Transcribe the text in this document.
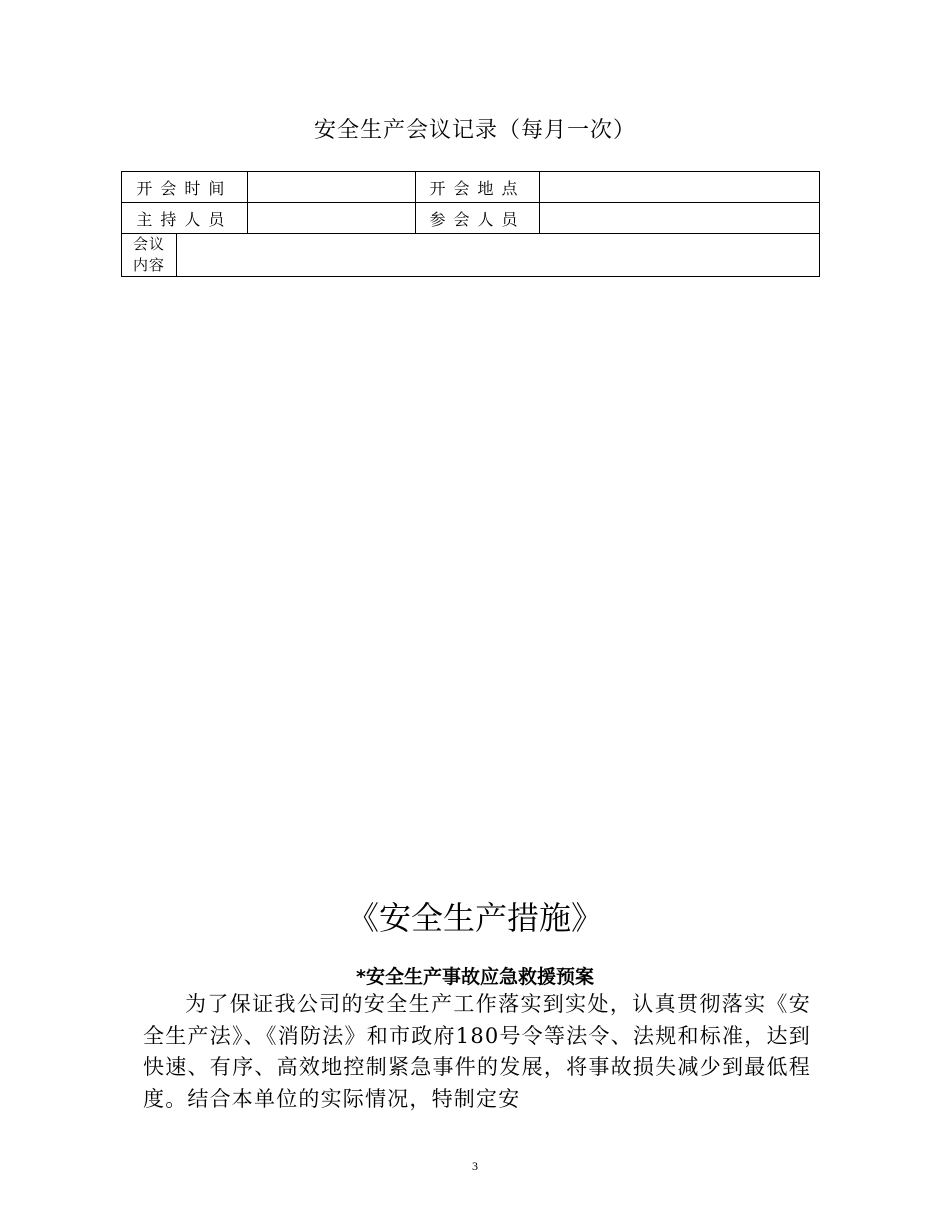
安全生产会议记录（每月一次）
开会时间			开会地点	
主持人员			参会人员	

会议
内容				

《安全生产措施》
*安全生产事故应急救援预案

为了保证我公司的安全生产工作落实到实处，认真贯彻落实《安全生产法》、《消防法》和市政府180号令等法令、法规和标准，达到快速、有序、高效地控制紧急事件的发展，将事故损失减少到最低程度。结合本单位的实际情况，特制定安

3
